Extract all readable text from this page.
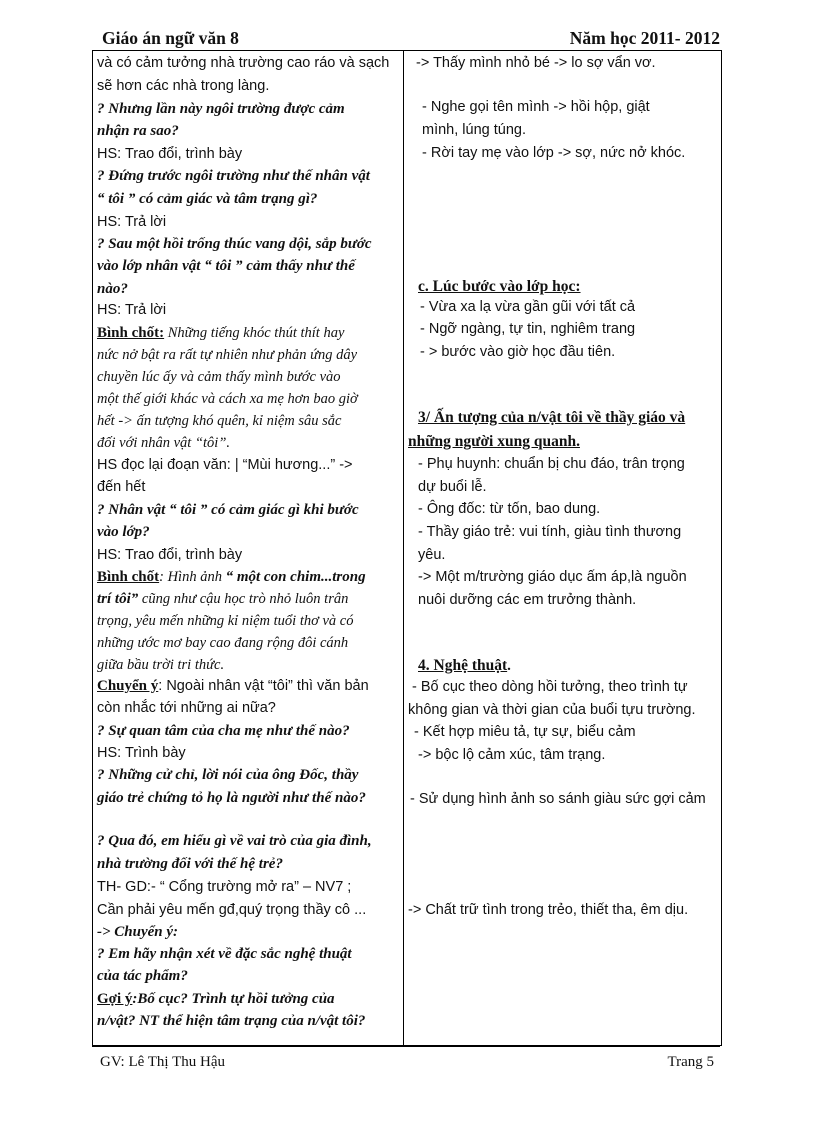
Giáo án ngữ văn 8	Năm học 2011- 2012
và có cảm tưởng nhà trường cao ráo và sạch
sẽ hơn các nhà trong làng.
? Nhưng lần này ngôi trường được cảm
nhận ra sao?
HS: Trao đổi, trình bày
? Đứng trước ngôi trường như thế nhân vật
“ tôi ” có cảm giác và tâm trạng gì?
HS: Trả lời
? Sau một hồi trống thúc vang dội, sắp bước
vào lớp nhân vật “ tôi ” cảm thấy như thế
nào?
HS: Trả lời
Bình chốt: Những tiếng khóc thút thít hay
nức nở bật ra rất tự nhiên như phản ứng dây
chuyền lúc ấy và cảm thấy mình bước vào
một thế giới khác và cách xa mẹ hơn bao giờ
hết -> ấn tượng khó quên, kỉ niệm sâu sắc
đối với nhân vật “tôi”.
HS đọc lại đoạn văn: | “Mùi hương...” ->
đến hết
? Nhân vật “ tôi ” có cảm giác gì khi bước
vào lớp?
HS: Trao đổi, trình bày
Bình chốt: Hình ảnh “ một con chim...trong
trí tôi” cũng như cậu học trò nhỏ luôn trân
trọng, yêu mến những kỉ niệm tuổi thơ và có
những ước mơ bay cao đang rộng đôi cánh
giữa bầu trời tri thức.
Chuyển ý: Ngoài nhân vật “tôi” thì văn bản
còn nhắc tới những ai nữa?
? Sự quan tâm của cha mẹ như thế nào?
HS: Trình bày
? Những cử chỉ, lời nói của ông Đốc, thầy
giáo trẻ chứng tỏ họ là người như thế nào?
? Qua đó, em hiểu gì về vai trò của gia đình,
nhà trường đối với thế hệ trẻ?
TH- GD:- “ Cổng trường mở ra” – NV7 ;
Cần phải yêu mến gđ,quý trọng thầy cô ...
-> Chuyển ý:
? Em hãy nhận xét về đặc sắc nghệ thuật
của tác phẩm?
Gợi ý:Bố cục? Trình tự hồi tưởng của
n/vật? NT thể hiện tâm trạng của n/vật tôi?
-> Thấy mình nhỏ bé -> lo sợ vẩn vơ.
- Nghe gọi tên mình -> hồi hộp, giật
mình, lúng túng.
- Rời tay mẹ vào lớp -> sợ, nức nở khóc.
c. Lúc bước vào lớp học:
- Vừa xa lạ vừa gần gũi với tất cả
- Ngỡ ngàng, tự tin, nghiêm trang
- > bước vào giờ học đầu tiên.
3/ Ấn tượng của n/vật tôi về thầy giáo và
những người xung quanh.
- Phụ huynh: chuẩn bị chu đáo, trân trọng
dự buổi lễ.
- Ông đốc: từ tốn, bao dung.
- Thầy giáo trẻ: vui tính, giàu tình thương
yêu.
-> Một m/trường giáo dục ấm áp,là nguồn
nuôi dưỡng các em trưởng thành.
4. Nghệ thuật.
- Bố cục theo dòng hồi tưởng, theo trình tự
không gian và thời gian của buổi tựu trường.
- Kết hợp miêu tả, tự sự, biểu cảm
-> bộc lộ cảm xúc, tâm trạng.
- Sử dụng hình ảnh so sánh giàu sức gợi cảm
-> Chất trữ tình trong trẻo, thiết tha, êm dịu.
GV: Lê Thị Thu Hậu	Trang 5
